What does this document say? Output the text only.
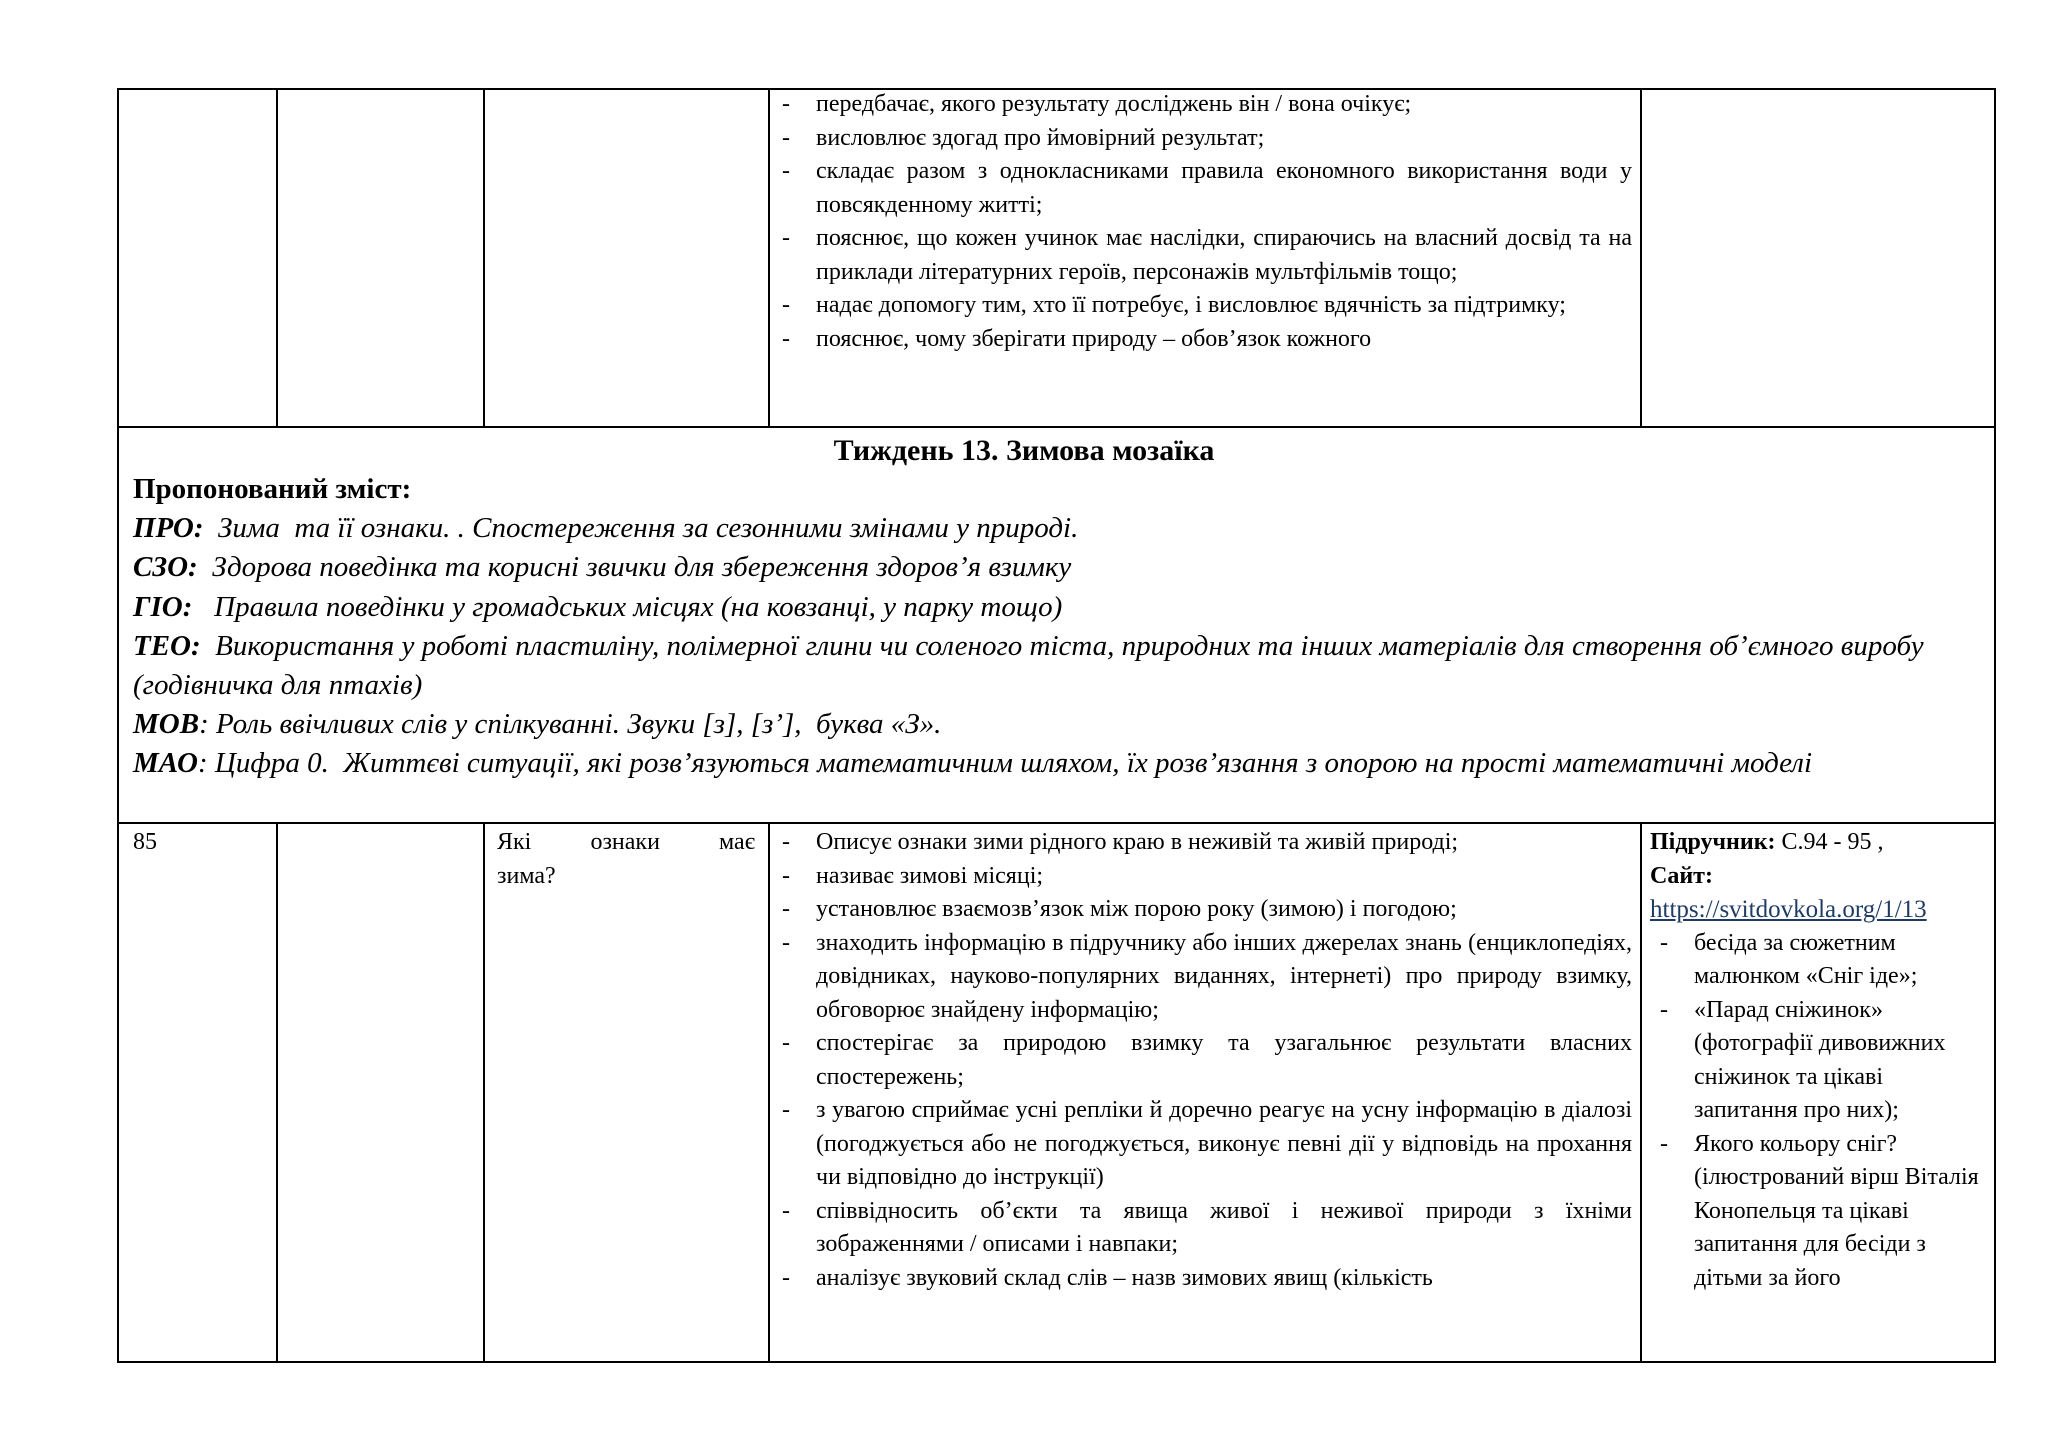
- передбачає, якого результату досліджень він / вона очікує;
- висловлює здогад про ймовірний результат;
- складає разом з однокласниками правила економного використання води у повсякденному житті;
- пояснює, що кожен учинок має наслідки, спираючись на власний досвід та на приклади літературних героїв, персонажів мультфільмів тощо;
- надає допомогу тим, хто її потребує, і висловлює вдячність за підтримку;
- пояснює, чому зберігати природу – обов’язок кожного
Тиждень 13. Зимова мозаїка
Пропонований зміст:
ПРО:  Зима  та її ознаки. . Спостереження за сезонними змінами у природі.
СЗО:  Здорова поведінка та корисні звички для збереження здоров’я взимку
ГІО:   Правила поведінки у громадських місцях (на ковзанці, у парку тощо)
ТЕО:  Використання у роботі пластиліну, полімерної глини чи соленого тіста, природних та інших матеріалів для створення об’ємного виробу (годівничка для птахів)
МОВ: Роль ввічливих слів у спілкуванні. Звуки [з], [з’],  буква «З».
МАО: Цифра 0.  Життєві ситуації, які розв’язуються математичним шляхом, їх розв’язання з опорою на прості математичні моделі
85	Які ознаки має зима?
- Описує ознаки зими рідного краю в неживій та живій природі;
- називає зимові місяці;
- установлює взаємозв’язок між порою року (зимою) і погодою;
- знаходить інформацію в підручнику або інших джерелах знань (енциклопедіях, довідниках, науково-популярних виданнях, інтернеті) про природу взимку, обговорює знайдену інформацію;
- спостерігає за природою взимку та узагальнює результати власних спостережень;
- з увагою сприймає усні репліки й доречно реагує на усну інформацію в діалозі (погоджується або не погоджується, виконує певні дії у відповідь на прохання чи відповідно до інструкції)
- співвідносить об’єкти та явища живої і неживої природи з їхніми зображеннями / описами і навпаки;
- аналізує звуковий склад слів – назв зимових явищ (кількість
Підручник: С.94 - 95 ,
Сайт:
https://svitdovkola.org/1/13
- бесіда за сюжетним малюнком «Сніг іде»;
- «Парад сніжинок» (фотографії дивовижних сніжинок та цікаві запитання про них);
- Якого кольору сніг? (ілюстрований вірш Віталія Конопельця та цікаві запитання для бесіди з дітьми за його
